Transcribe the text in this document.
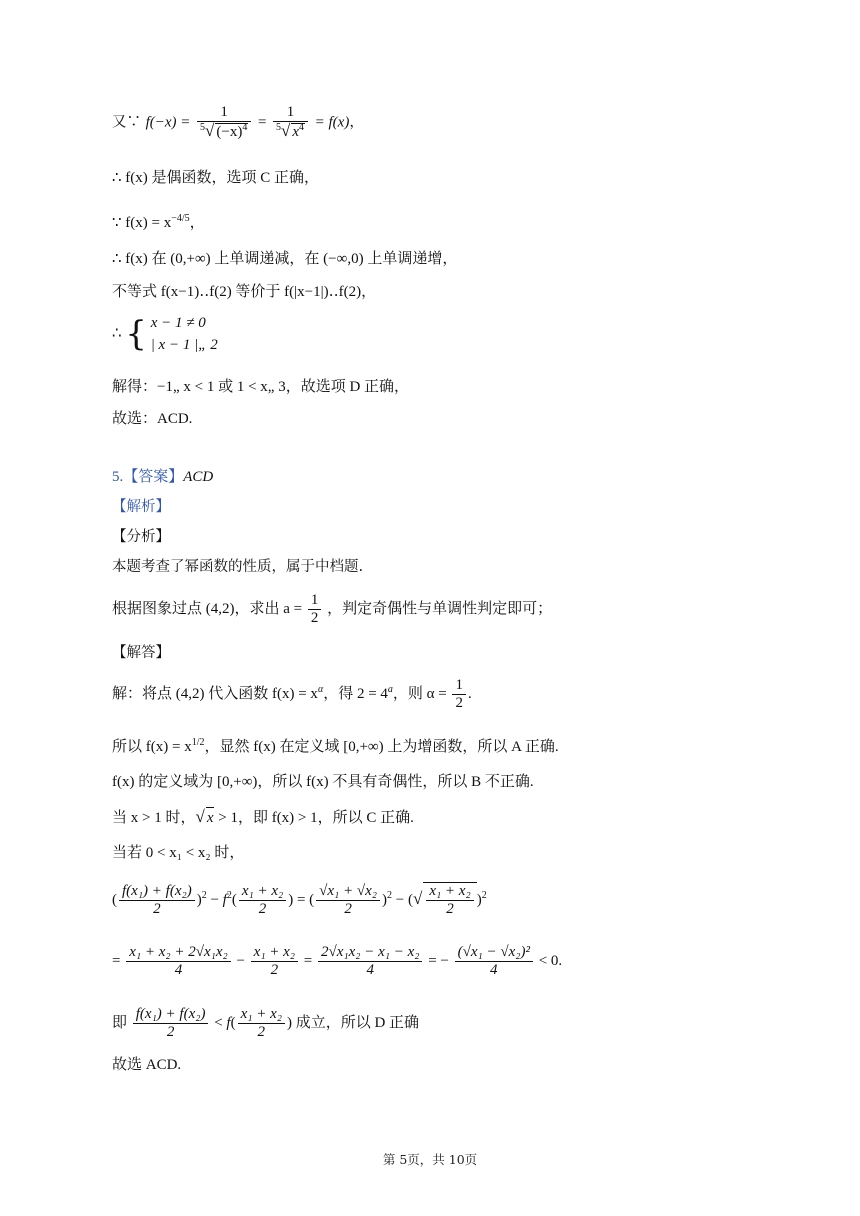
又∵ $f(-x) = \frac{1}{^5√ (-x)^4} = \frac{1}{^5√ x^4} = f(x)$，
∴ f(x) 是偶函数，选项 C 正确，
∵ $f(x) = x^{-4/5}$，
∴ f(x) 在 (0,+∞) 上单调递减，在 (−∞,0) 上单调递增，
不等式 f(x−1)‥f(2) 等价于 f(|x−1|)‥f(2)，
∴ { x − 1 ≠ 0
| x − 1 |„ 2
解得：−1„ x < 1 或 1 < x„ 3，故选项 D 正确，
故选：ACD.
5.【答案】ACD
【解析】
【分析】
本题考查了幂函数的性质，属于中档题.
根据图象过点 (4,2)，求出 $a = \frac{1}{2}$ ，判定奇偶性与单调性判定即可；
【解答】
解：将点 (4,2) 代入函数 $f(x) = x^\alpha$，得 $2 = 4^a$，则 $\alpha = \frac{1}{2}$ .
所以 $f(x) = x^{1/2}$，显然 f(x) 在定义域 [0,+∞) 上为增函数，所以 A 正确.
f(x) 的定义域为 [0,+∞)，所以 f(x) 不具有奇偶性，所以 B 不正确.
当 x > 1 时，√ x > 1，即 f(x) > 1，所以 C 正确.
当若 0 < x₁ < x₂ 时，
( $\frac{\text{f(x₁) + f(x₂)}}{2} )^2 - f^2( \frac{\text{x₁ + x₂}}{2}$ ) = ( $\frac{\text{√x₁ + √x₂}}{2} )^2$ − (√ $\frac{\text{x₁ + x₂}}{2} )^2$
= $\frac{\text{x₁ + x₂ + 2√x₁x₂}}{4} - \frac{\text{x₁ + x₂}}{2} = \frac{\text{2√x₁x₂ − x₁ − x₂}}{4}$ = − $\frac{\text{(√x₁ − √x₂)²}}{4} < 0$.
即 $\frac{\text{f(x₁) + f(x₂)}}{2} < f( \frac{\text{x₁ + x₂}}{2}$ ) 成立，所以 D 正确
故选 ACD.
第 5页，共 10页
